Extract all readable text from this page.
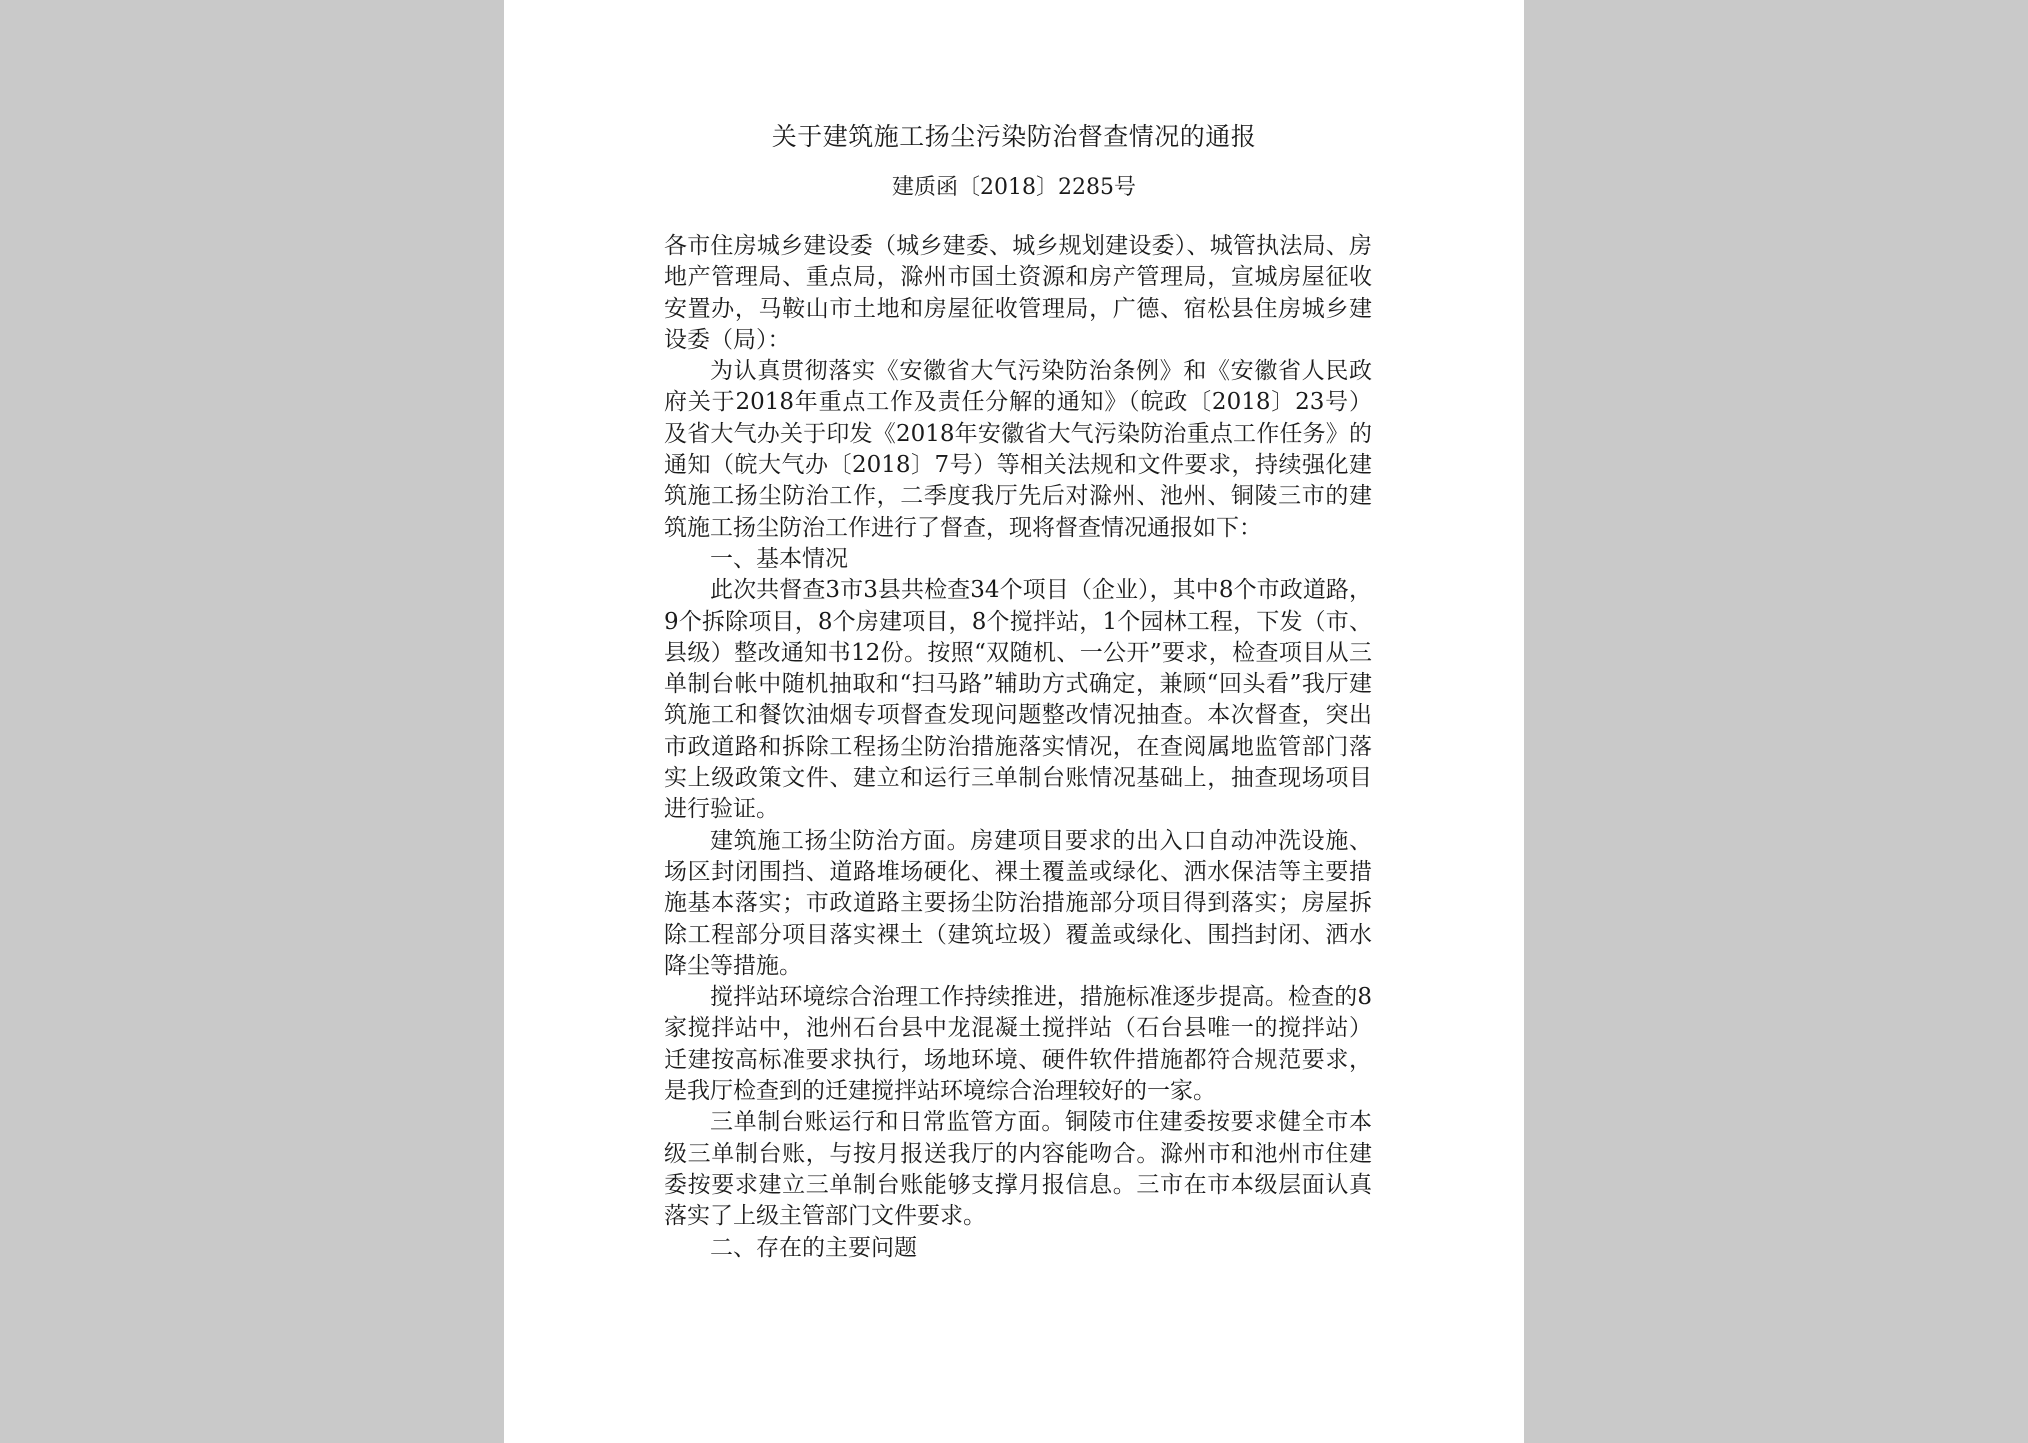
关于建筑施工扬尘污染防治督查情况的通报
建质函〔2018〕2285号

各市住房城乡建设委（城乡建委、城乡规划建设委）、城管执法局、房地产管理局、重点局，滁州市国土资源和房产管理局，宣城房屋征收安置办，马鞍山市土地和房屋征收管理局，广德、宿松县住房城乡建设委（局）：

为认真贯彻落实《安徽省大气污染防治条例》和《安徽省人民政府关于2018年重点工作及责任分解的通知》（皖政〔2018〕23号）及省大气办关于印发《2018年安徽省大气污染防治重点工作任务》的通知（皖大气办〔2018〕7号）等相关法规和文件要求，持续强化建筑施工扬尘防治工作，二季度我厅先后对滁州、池州、铜陵三市的建筑施工扬尘防治工作进行了督查，现将督查情况通报如下：

一、基本情况

此次共督查3市3县共检查34个项目（企业），其中8个市政道路，9个拆除项目，8个房建项目，8个搅拌站，1个园林工程，下发（市、县级）整改通知书12份。按照“双随机、一公开”要求，检查项目从三单制台帐中随机抽取和“扫马路”辅助方式确定，兼顾“回头看”我厅建筑施工和餐饮油烟专项督查发现问题整改情况抽查。本次督查，突出市政道路和拆除工程扬尘防治措施落实情况，在查阅属地监管部门落实上级政策文件、建立和运行三单制台账情况基础上，抽查现场项目进行验证。

建筑施工扬尘防治方面。房建项目要求的出入口自动冲洗设施、场区封闭围挡、道路堆场硬化、裸土覆盖或绿化、洒水保洁等主要措施基本落实；市政道路主要扬尘防治措施部分项目得到落实；房屋拆除工程部分项目落实裸土（建筑垃圾）覆盖或绿化、围挡封闭、洒水降尘等措施。

搅拌站环境综合治理工作持续推进，措施标准逐步提高。检查的8家搅拌站中，池州石台县中龙混凝土搅拌站（石台县唯一的搅拌站）迁建按高标准要求执行，场地环境、硬件软件措施都符合规范要求，是我厅检查到的迁建搅拌站环境综合治理较好的一家。

三单制台账运行和日常监管方面。铜陵市住建委按要求健全市本级三单制台账，与按月报送我厅的内容能吻合。滁州市和池州市住建委按要求建立三单制台账能够支撑月报信息。三市在市本级层面认真落实了上级主管部门文件要求。

二、存在的主要问题
